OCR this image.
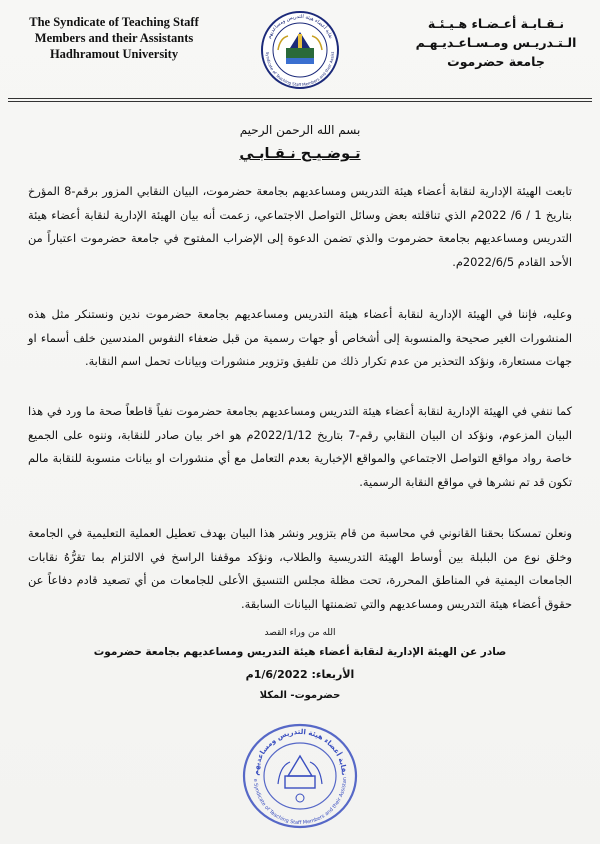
The Syndicate of Teaching Staff
Members and their Assistants
Hadhramout University
نـقـابـة أعـضـاء هـيـئـة
الـتـدريـس ومـسـاعـديـهـم
جامعة حضرموت
نقابة أعضاء هيئة التدريس ومساعديهم
Syndicate of Teaching Staff Members and their Assist
بسم الله الرحمن الرحيم
تـوضـيـح نـقـابـي
تابعت الهيئة الإدارية لنقابة أعضاء هيئة التدريس ومساعديهم بجامعة حضرموت، البيان النقابي المزور برقم-8 المؤرخ بتاريخ 1 / 6/ 2022م الذي تناقلته بعض وسائل التواصل الاجتماعي، زعمت أنه بيان الهيئة الإدارية لنقابة أعضاء هيئة التدريس ومساعديهم بجامعة حضرموت والذي تضمن الدعوة إلى الإضراب المفتوح في جامعة حضرموت اعتباراً من الأحد القادم 2022/6/5م.
وعليه، فإننا في الهيئة الإدارية لنقابة أعضاء هيئة التدريس ومساعديهم بجامعة حضرموت ندين ونستنكر مثل هذه المنشورات الغير صحيحة والمنسوبة إلى أشخاص أو جهات رسمية من قبل ضعفاء النفوس المندسين خلف أسماء او جهات مستعارة، ونؤكد التحذير من عدم تكرار ذلك من تلفيق وتزوير منشورات وبيانات تحمل اسم النقابة.
كما ننفي في الهيئة الإدارية لنقابة أعضاء هيئة التدريس ومساعديهم بجامعة حضرموت نفياً قاطعاً صحة ما ورد في هذا البيان المزعوم، ونؤكد ان البيان النقابي رقم-7 بتاريخ 2022/1/12م هو اخر بيان صادر للنقابة، وننوه على الجميع خاصة رواد مواقع التواصل الاجتماعي والمواقع الإخبارية بعدم التعامل مع أي منشورات او بيانات منسوبة للنقابة مالم تكون قد تم نشرها في مواقع النقابة الرسمية.
ونعلن تمسكنا بحقنا القانوني في محاسبة من قام بتزوير ونشر هذا البيان بهدف تعطيل العملية التعليمية في الجامعة وخلق نوع من البلبلة بين أوساط الهيئة التدريسية والطلاب، ونؤكد موقفنا الراسخ في الالتزام بما تقرُّهُ نقابات الجامعات اليمنية في المناطق المحررة، تحت مظلة مجلس التنسيق الأعلى للجامعات من أي تصعيد قادم دفاعاً عن حقوق أعضاء هيئة التدريس ومساعديهم والتي تضمنتها البيانات السابقة.
الله من وراء القصد
صادر عن الهيئة الإدارية لنقابة أعضاء هيئة التدريس ومساعديهم بجامعة حضرموت
الأربعاء: 1/6/2022م
حضرموت- المكلا
نقابة أعضاء هيئة التدريس ومساعديهم
e Syndicate of Teaching Staff Members and their Assistan
